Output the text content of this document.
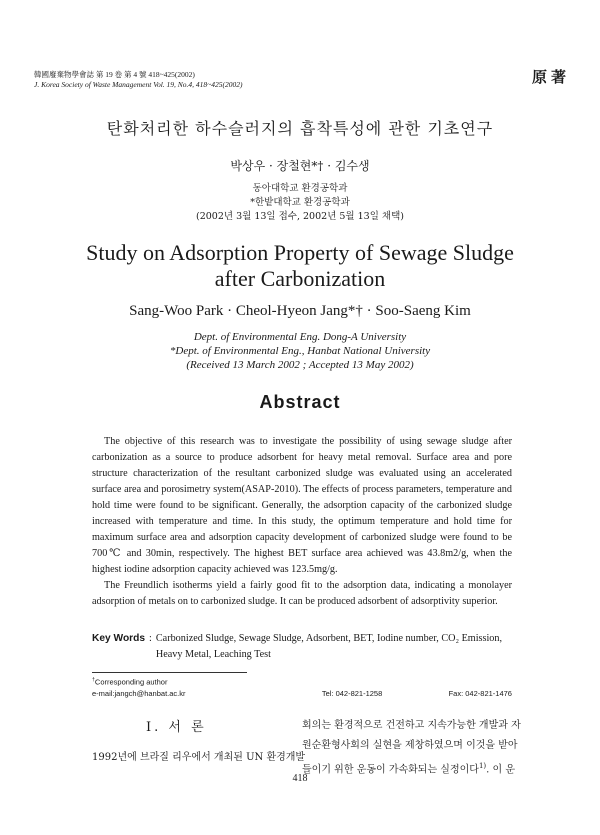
韓國廢棄物學會誌 第 19 卷 第 4 號 418~425(2002)
J. Korea Society of Waste Management Vol. 19, No.4, 418~425(2002)	原著
탄화처리한 하수슬러지의 흡착특성에 관한 기초연구
박상우 · 장철현*† · 김수생
동아대학교 환경공학과
*한밭대학교 환경공학과
(2002년 3월 13일 접수, 2002년 5월 13일 채택)
Study on Adsorption Property of Sewage Sludge
after Carbonization
Sang-Woo Park · Cheol-Hyeon Jang*† · Soo-Saeng Kim
Dept. of Environmental Eng. Dong-A University
*Dept. of Environmental Eng., Hanbat National University
(Received 13 March 2002 ; Accepted 13 May 2002)
Abstract

The objective of this research was to investigate the possibility of using sewage sludge after carbonization as a source to produce adsorbent for heavy metal removal. Surface area and pore structure characterization of the resultant carbonized sludge was evaluated using an accelerated surface area and porosimetry system(ASAP-2010). The effects of process parameters, temperature and hold time were found to be significant. Generally, the adsorption capacity of the carbonized sludge increased with temperature and time. In this study, the optimum temperature and hold time for maximum surface area and adsorption capacity development of carbonized sludge were found to be 700℃ and 30min, respectively. The highest BET surface area achieved was 43.8m2/g, when the highest iodine adsorption capacity achieved was 123.5mg/g.

The Freundlich isotherms yield a fairly good fit to the adsorption data, indicating a monolayer adsorption of metals on to carbonized sludge. It can be produced adsorbent of adsorptivity superior.

Key Words : Carbonized Sludge, Sewage Sludge, Adsorbent, BET, Iodine number, CO₂ Emission,
Heavy Metal, Leaching Test
†Corresponding author
e-mail:jangch@hanbat.ac.kr	Tel: 042-821-1258	Fax: 042-821-1476
Ⅰ. 서 론
1992년에 브라질 리우에서 개최된 UN 환경개발
회의는 환경적으로 건전하고 지속가능한 개발과 자
원순환형사회의 실현을 제창하였으며 이것을 받아
들이기 위한 운동이 가속화되는 실정이다$^{1)}$. 이 운
418
